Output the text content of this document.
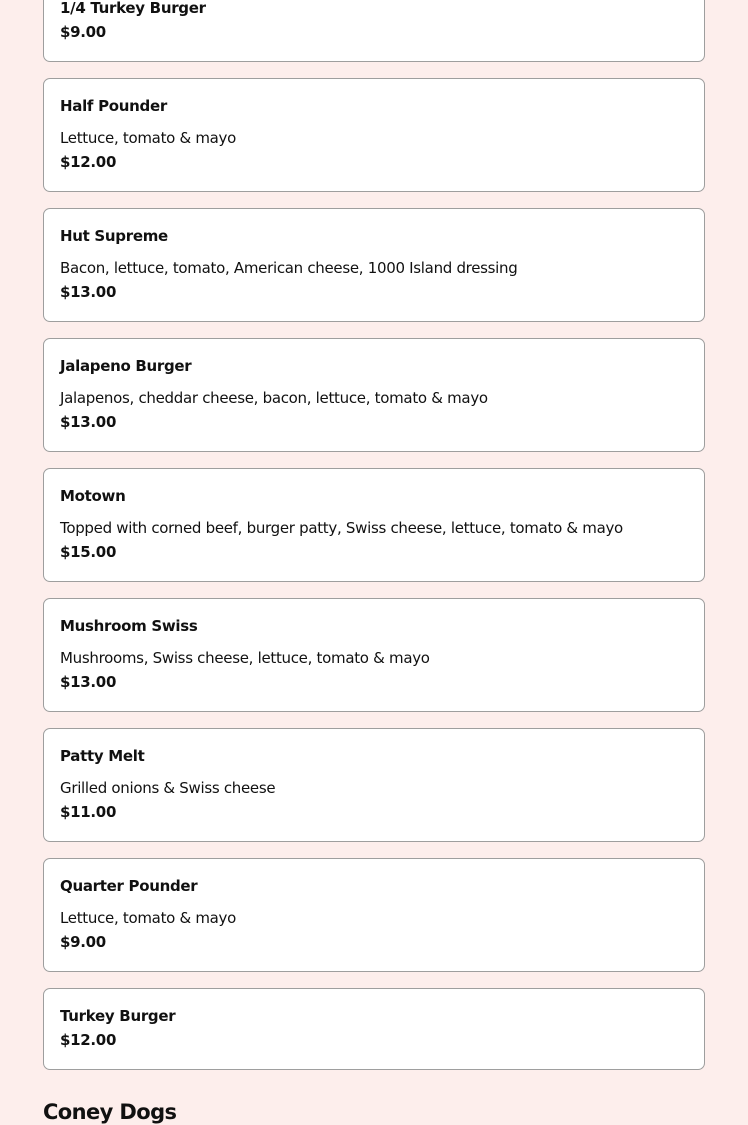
1/4 Turkey Burger
$9.00
Half Pounder
Lettuce, tomato & mayo
$12.00
Hut Supreme
Bacon, lettuce, tomato, American cheese, 1000 Island dressing
$13.00
Jalapeno Burger
Jalapenos, cheddar cheese, bacon, lettuce, tomato & mayo
$13.00
Motown
Topped with corned beef, burger patty, Swiss cheese, lettuce, tomato & mayo
$15.00
Mushroom Swiss
Mushrooms, Swiss cheese, lettuce, tomato & mayo
$13.00
Patty Melt
Grilled onions & Swiss cheese
$11.00
Quarter Pounder
Lettuce, tomato & mayo
$9.00
Turkey Burger
$12.00
Coney Dogs
